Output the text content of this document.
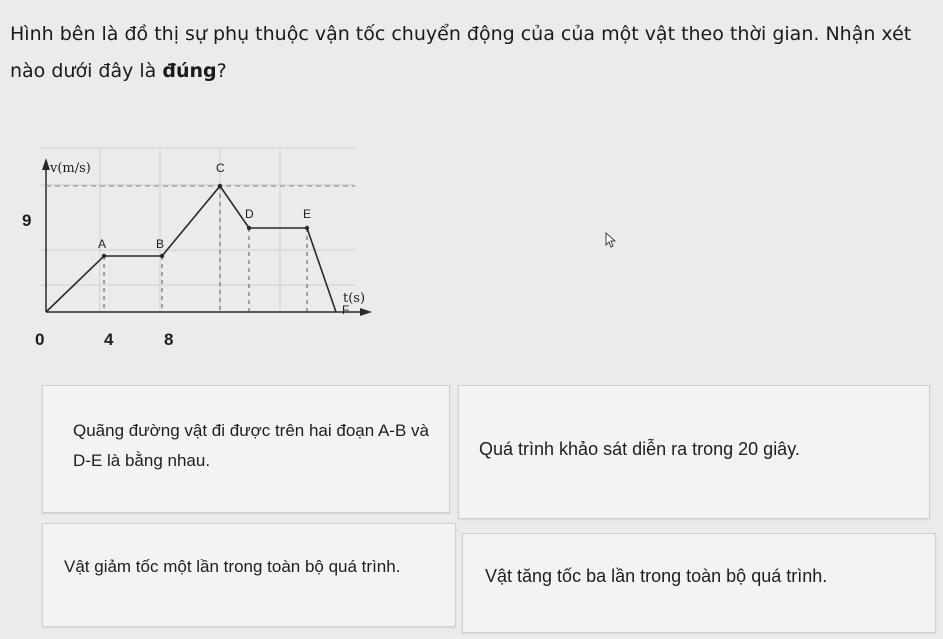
Hình bên là đồ thị sự phụ thuộc vận tốc chuyển động của của một vật theo thời gian. Nhận xét nào dưới đây là đúng?
A	B
C
D	E
F
v(m/s)
t(s)
9
0	4	8
Quãng đường vật đi được trên hai đoạn A-B và D-E là bằng nhau.
Quá trình khảo sát diễn ra trong 20 giây.
Vật giảm tốc một lần trong toàn bộ quá trình.	Vật tăng tốc ba lần trong toàn bộ quá trình.
